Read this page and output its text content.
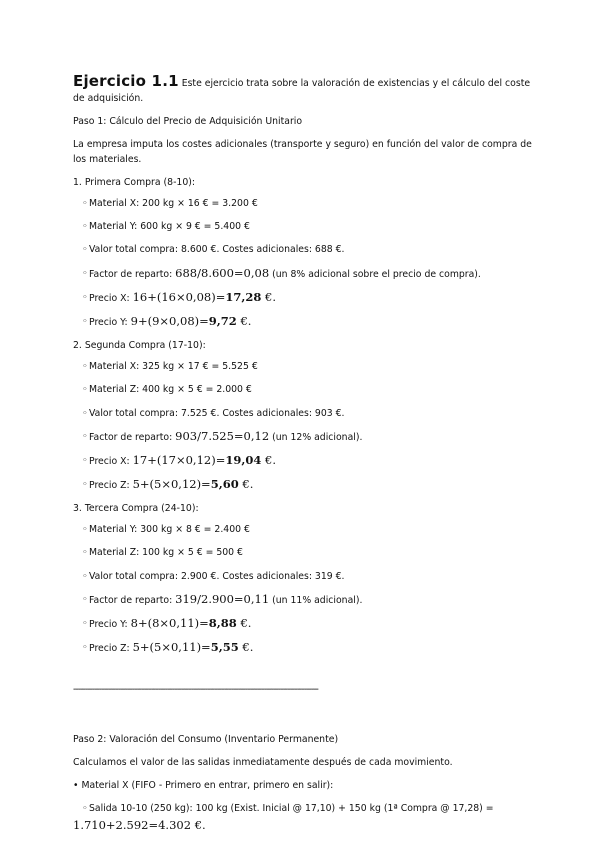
Ejercicio 1.1 Este ejercicio trata sobre la valoración de existencias y el cálculo del coste de adquisición.

Paso 1: Cálculo del Precio de Adquisición Unitario

La empresa imputa los costes adicionales (transporte y seguro) en función del valor de compra de los materiales.

1. Primera Compra (8-10):
◦ Material X: 200 kg × 16 € = 3.200 €
◦ Material Y: 600 kg × 9 € = 5.400 €
◦ Valor total compra: 8.600 €. Costes adicionales: 688 €.
◦ Factor de reparto: 688/8.600=0,08 (un 8% adicional sobre el precio de compra).
◦ Precio X: 16+(16×0,08)=17,28 €.
◦ Precio Y: 9+(9×0,08)=9,72 €.
2. Segunda Compra (17-10):
◦ Material X: 325 kg × 17 € = 5.525 €
◦ Material Z: 400 kg × 5 € = 2.000 €
◦ Valor total compra: 7.525 €. Costes adicionales: 903 €.
◦ Factor de reparto: 903/7.525=0,12 (un 12% adicional).
◦ Precio X: 17+(17×0,12)=19,04 €.
◦ Precio Z: 5+(5×0,12)=5,60 €.
3. Tercera Compra (24-10):
◦ Material Y: 300 kg × 8 € = 2.400 €
◦ Material Z: 100 kg × 5 € = 500 €
◦ Valor total compra: 2.900 €. Costes adicionales: 319 €.
◦ Factor de reparto: 319/2.900=0,11 (un 11% adicional).
◦ Precio Y: 8+(8×0,11)=8,88 €.
◦ Precio Z: 5+(5×0,11)=5,55 €.
--------------------------------------------------------------------------------------------------------

Paso 2: Valoración del Consumo (Inventario Permanente)

Calculamos el valor de las salidas inmediatamente después de cada movimiento.

• Material X (FIFO - Primero en entrar, primero en salir):

◦ Salida 10-10 (250 kg): 100 kg (Exist. Inicial @ 17,10) + 150 kg (1ª Compra @ 17,28) =
1.710+2.592=4.302 €.
